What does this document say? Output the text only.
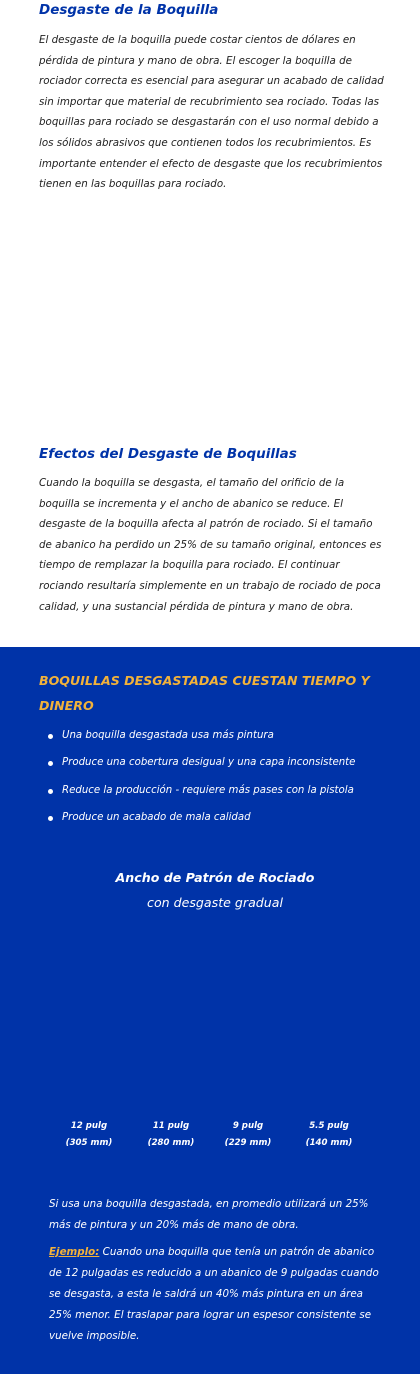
Desgaste de la Boquilla

El desgaste de la boquilla puede costar cientos de dólares en pérdida de pintura y mano de obra. El escoger la boquilla de rociador correcta es esencial para asegurar un acabado de calidad sin importar que material de recubrimiento sea rociado. Todas las boquillas para rociado se desgastarán con el uso normal debido a los sólidos abrasivos que contienen todos los recubrimientos. Es importante entender el efecto de desgaste que los recubrimientos tienen en las boquillas para rociado.

Efectos del Desgaste de Boquillas

Cuando la boquilla se desgasta, el tamaño del orificio de la boquilla se incrementa y el ancho de abanico se reduce. El desgaste de la boquilla afecta al patrón de rociado. Si el tamaño de abanico ha perdido un 25% de su tamaño original, entonces es tiempo de remplazar la boquilla para rociado. El continuar rociando resultaría simplemente en un trabajo de rociado de poca calidad, y una sustancial pérdida de pintura y mano de obra.

BOQUILLAS DESGASTADAS CUESTAN TIEMPO Y DINERO
Una boquilla desgastada usa más pintura
Produce una cobertura desigual y una capa inconsistente
Reduce la producción - requiere más pases con la pistola
Produce un acabado de mala calidad
Ancho de Patrón de Rociado
con desgaste gradual
12 pulg
(305 mm)
11 pulg
(280 mm)
9 pulg
(229 mm)
5.5 pulg
(140 mm)

Si usa una boquilla desgastada, en promedio utilizará un 25% más de pintura y un 20% más de mano de obra.

Ejemplo: Cuando una boquilla que tenía un patrón de abanico de 12 pulgadas es reducido a un abanico de 9 pulgadas cuando se desgasta, a esta le saldrá un 40% más pintura en un área 25% menor. El traslapar para lograr un espesor consistente se vuelve imposible.
